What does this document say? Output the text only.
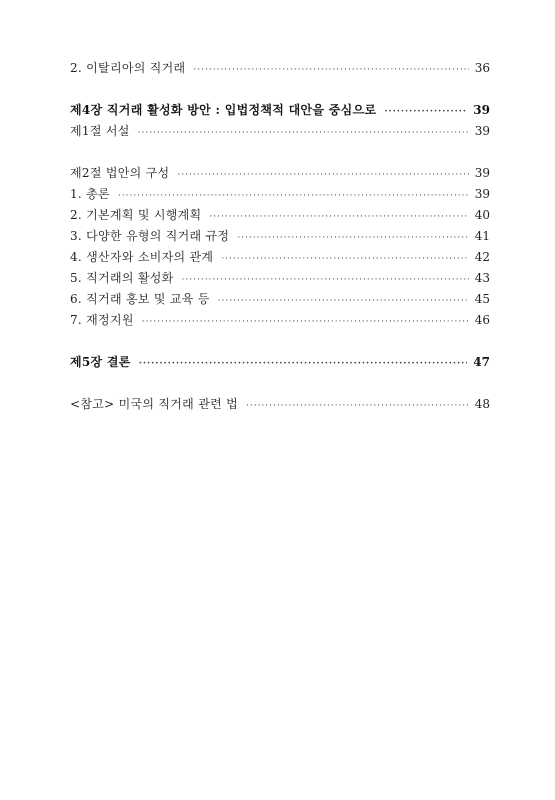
2. 이탈리아의 직거래 ·····	36
제4장 직거래 활성화 방안 : 입법정책적 대안을 중심으로 ·····	39
제1절 서설 ·····	39
제2절 법안의 구성 ·····	39
1. 총론 ·····	39
2. 기본계획 및 시행계획 ·····	40
3. 다양한 유형의 직거래 규정 ·····	41
4. 생산자와 소비자의 관계 ·····	42
5. 직거래의 활성화 ·····	43
6. 직거래 홍보 및 교육 등 ·····	45
7. 재정지원 ·····	46
제5장 결론 ·····	47
<참고> 미국의 직거래 관련 법 ·····	48
